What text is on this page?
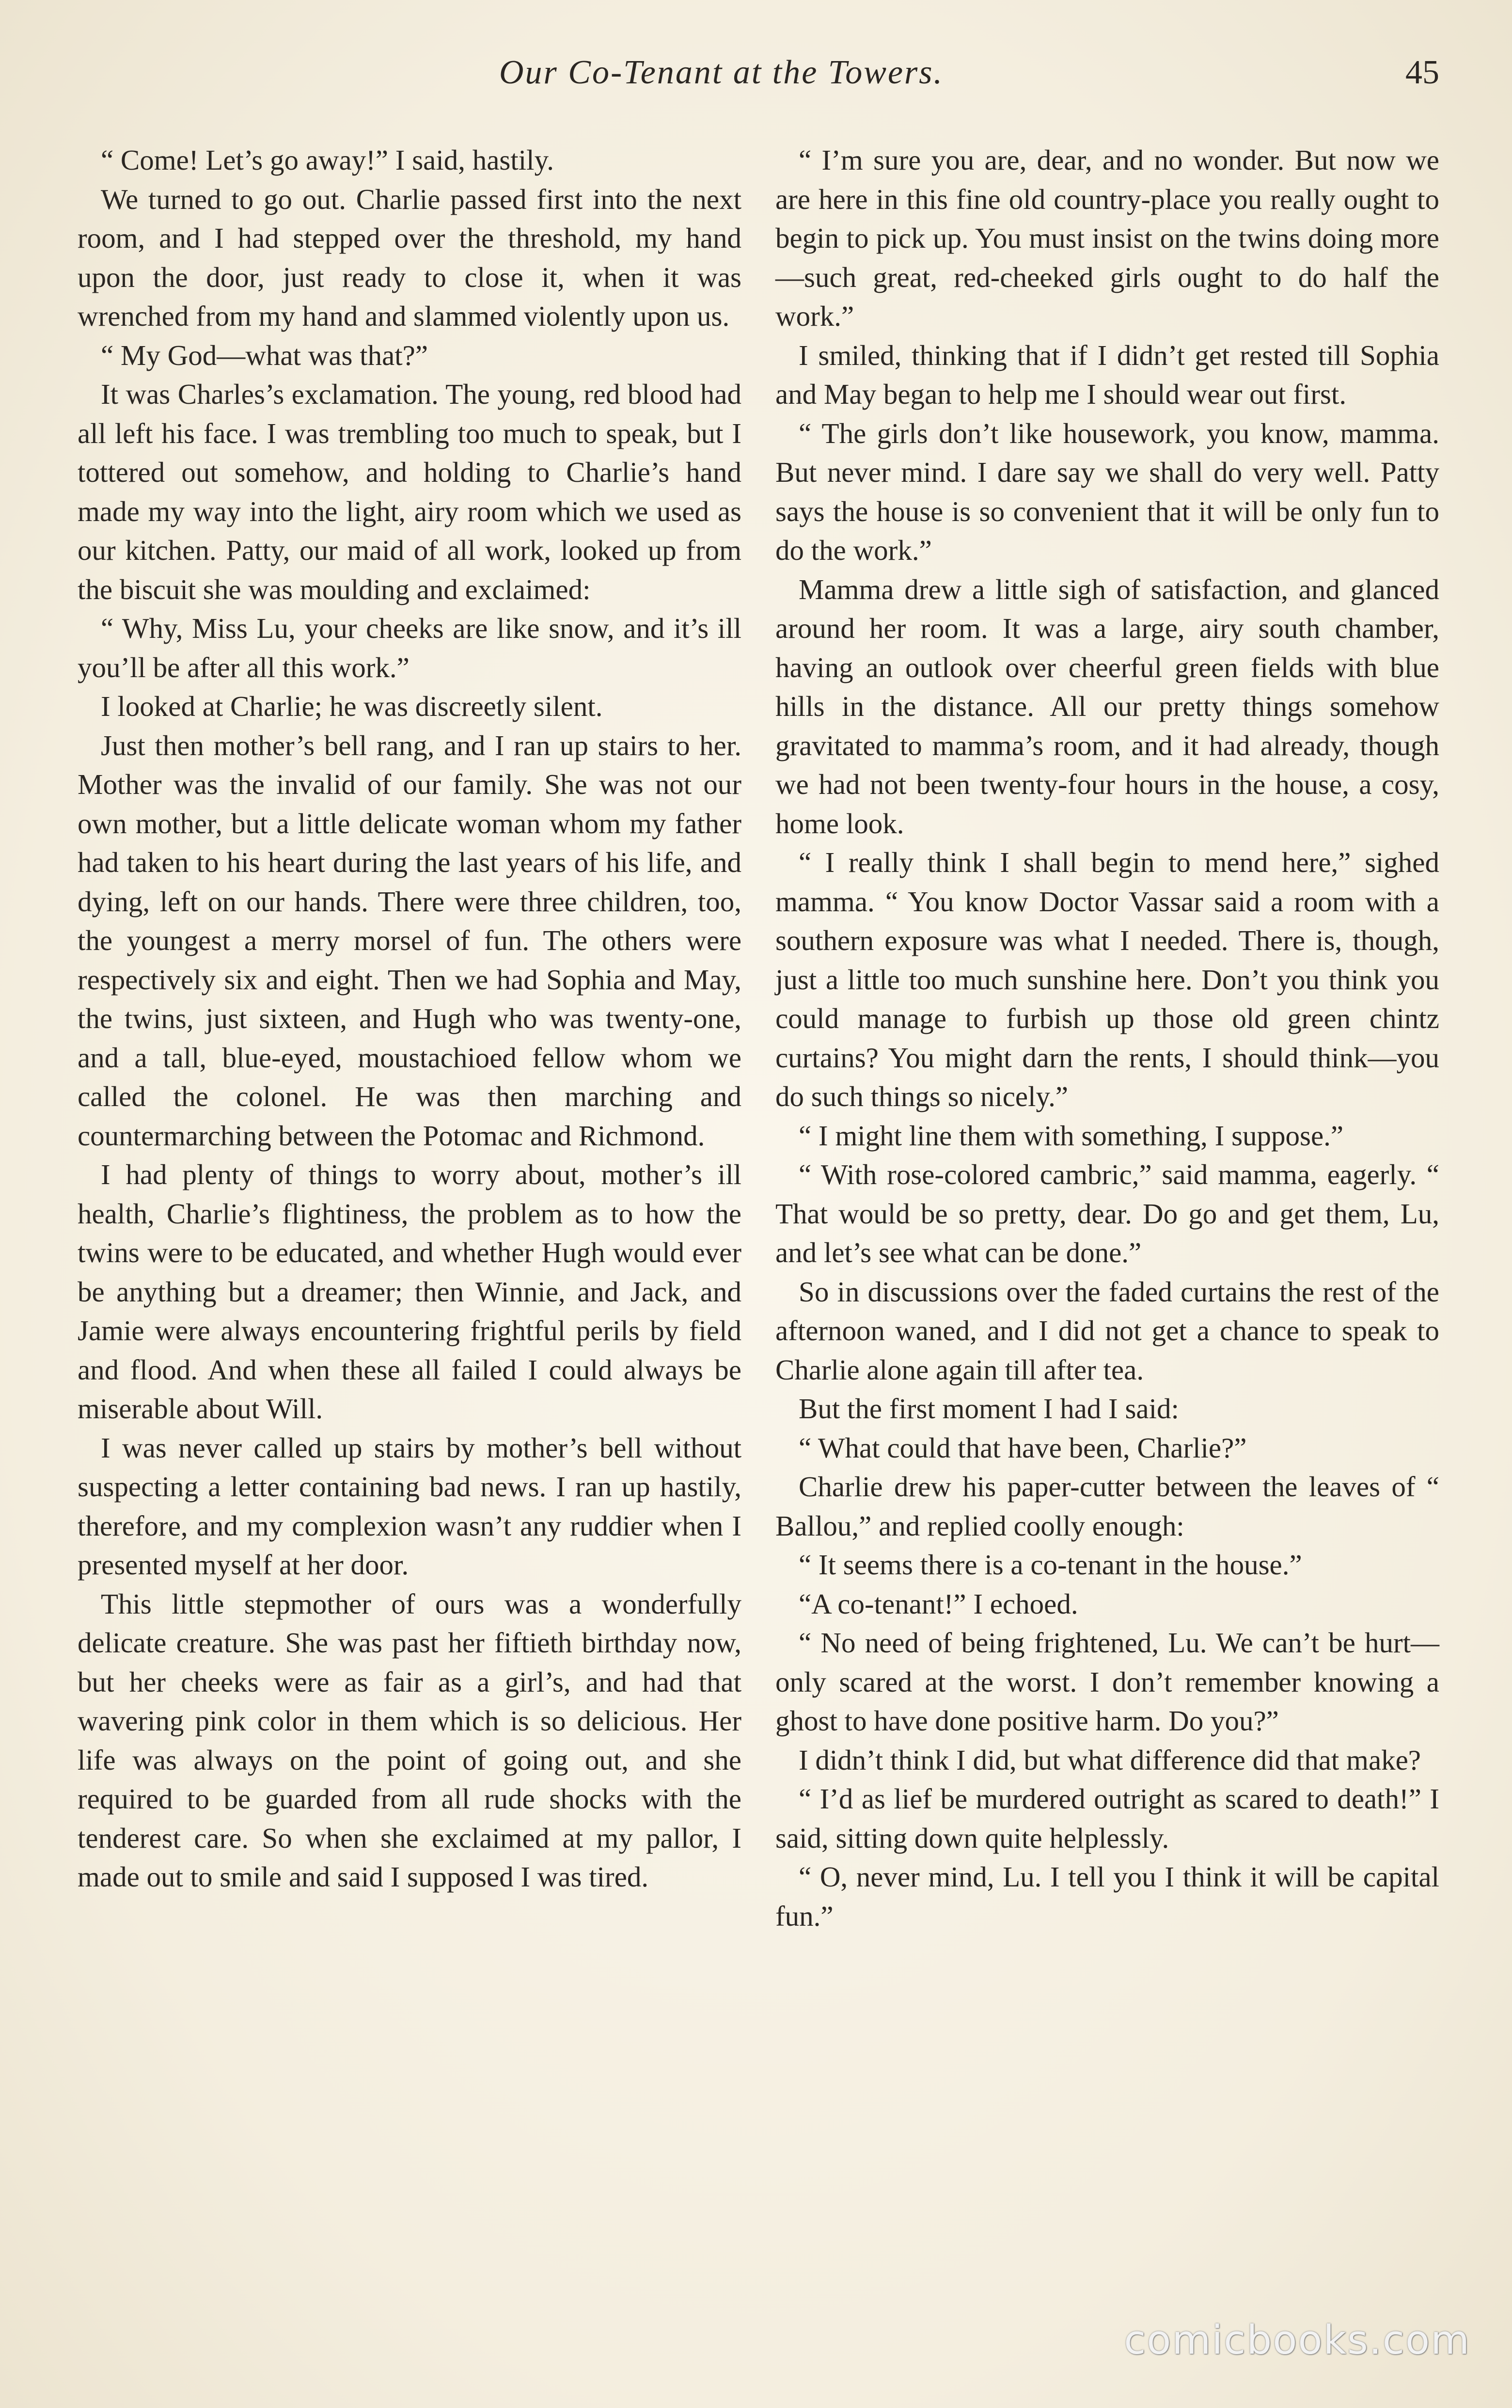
Our Co-Tenant at the Towers.	45

“ Come! Let’s go away!” I said, hastily.

We turned to go out. Charlie passed first into the next room, and I had stepped over the threshold, my hand upon the door, just ready to close it, when it was wrenched from my hand and slammed violently upon us.

“ My God—what was that?”

It was Charles’s exclamation. The young, red blood had all left his face. I was trembling too much to speak, but I tottered out somehow, and holding to Charlie’s hand made my way into the light, airy room which we used as our kitchen. Patty, our maid of all work, looked up from the biscuit she was moulding and exclaimed:

“ Why, Miss Lu, your cheeks are like snow, and it’s ill you’ll be after all this work.”

I looked at Charlie; he was discreetly silent.

Just then mother’s bell rang, and I ran up stairs to her. Mother was the invalid of our family. She was not our own mother, but a little delicate woman whom my father had taken to his heart during the last years of his life, and dying, left on our hands. There were three children, too, the youngest a merry morsel of fun. The others were respectively six and eight. Then we had Sophia and May, the twins, just sixteen, and Hugh who was twenty-one, and a tall, blue-eyed, moustachioed fellow whom we called the colonel. He was then marching and countermarching between the Potomac and Richmond.

I had plenty of things to worry about, mother’s ill health, Charlie’s flightiness, the problem as to how the twins were to be educated, and whether Hugh would ever be anything but a dreamer; then Winnie, and Jack, and Jamie were always encountering frightful perils by field and flood. And when these all failed I could always be miserable about Will.

I was never called up stairs by mother’s bell without suspecting a letter containing bad news. I ran up hastily, therefore, and my complexion wasn’t any ruddier when I presented myself at her door.

This little stepmother of ours was a wonderfully delicate creature. She was past her fiftieth birthday now, but her cheeks were as fair as a girl’s, and had that wavering pink color in them which is so delicious. Her life was always on the point of going out, and she required to be guarded from all rude shocks with the tenderest care. So when she exclaimed at my pallor, I made out to smile and said I supposed I was tired.

“ I’m sure you are, dear, and no wonder. But now we are here in this fine old country-place you really ought to begin to pick up. You must insist on the twins doing more—such great, red-cheeked girls ought to do half the work.”

I smiled, thinking that if I didn’t get rested till Sophia and May began to help me I should wear out first.

“ The girls don’t like housework, you know, mamma. But never mind. I dare say we shall do very well. Patty says the house is so convenient that it will be only fun to do the work.”

Mamma drew a little sigh of satisfaction, and glanced around her room. It was a large, airy south chamber, having an outlook over cheerful green fields with blue hills in the distance. All our pretty things somehow gravitated to mamma’s room, and it had already, though we had not been twenty-four hours in the house, a cosy, home look.

“ I really think I shall begin to mend here,” sighed mamma. “ You know Doctor Vassar said a room with a southern exposure was what I needed. There is, though, just a little too much sunshine here. Don’t you think you could manage to furbish up those old green chintz curtains? You might darn the rents, I should think—you do such things so nicely.”

“ I might line them with something, I suppose.”

“ With rose-colored cambric,” said mamma, eagerly. “ That would be so pretty, dear. Do go and get them, Lu, and let’s see what can be done.”

So in discussions over the faded curtains the rest of the afternoon waned, and I did not get a chance to speak to Charlie alone again till after tea.

But the first moment I had I said:

“ What could that have been, Charlie?”

Charlie drew his paper-cutter between the leaves of “ Ballou,” and replied coolly enough:

“ It seems there is a co-tenant in the house.”

“A co-tenant!” I echoed.

“ No need of being frightened, Lu. We can’t be hurt—only scared at the worst. I don’t remember knowing a ghost to have done positive harm. Do you?”

I didn’t think I did, but what difference did that make?

“ I’d as lief be murdered outright as scared to death!” I said, sitting down quite helplessly.

“ O, never mind, Lu. I tell you I think it will be capital fun.”

comicbooks.com
